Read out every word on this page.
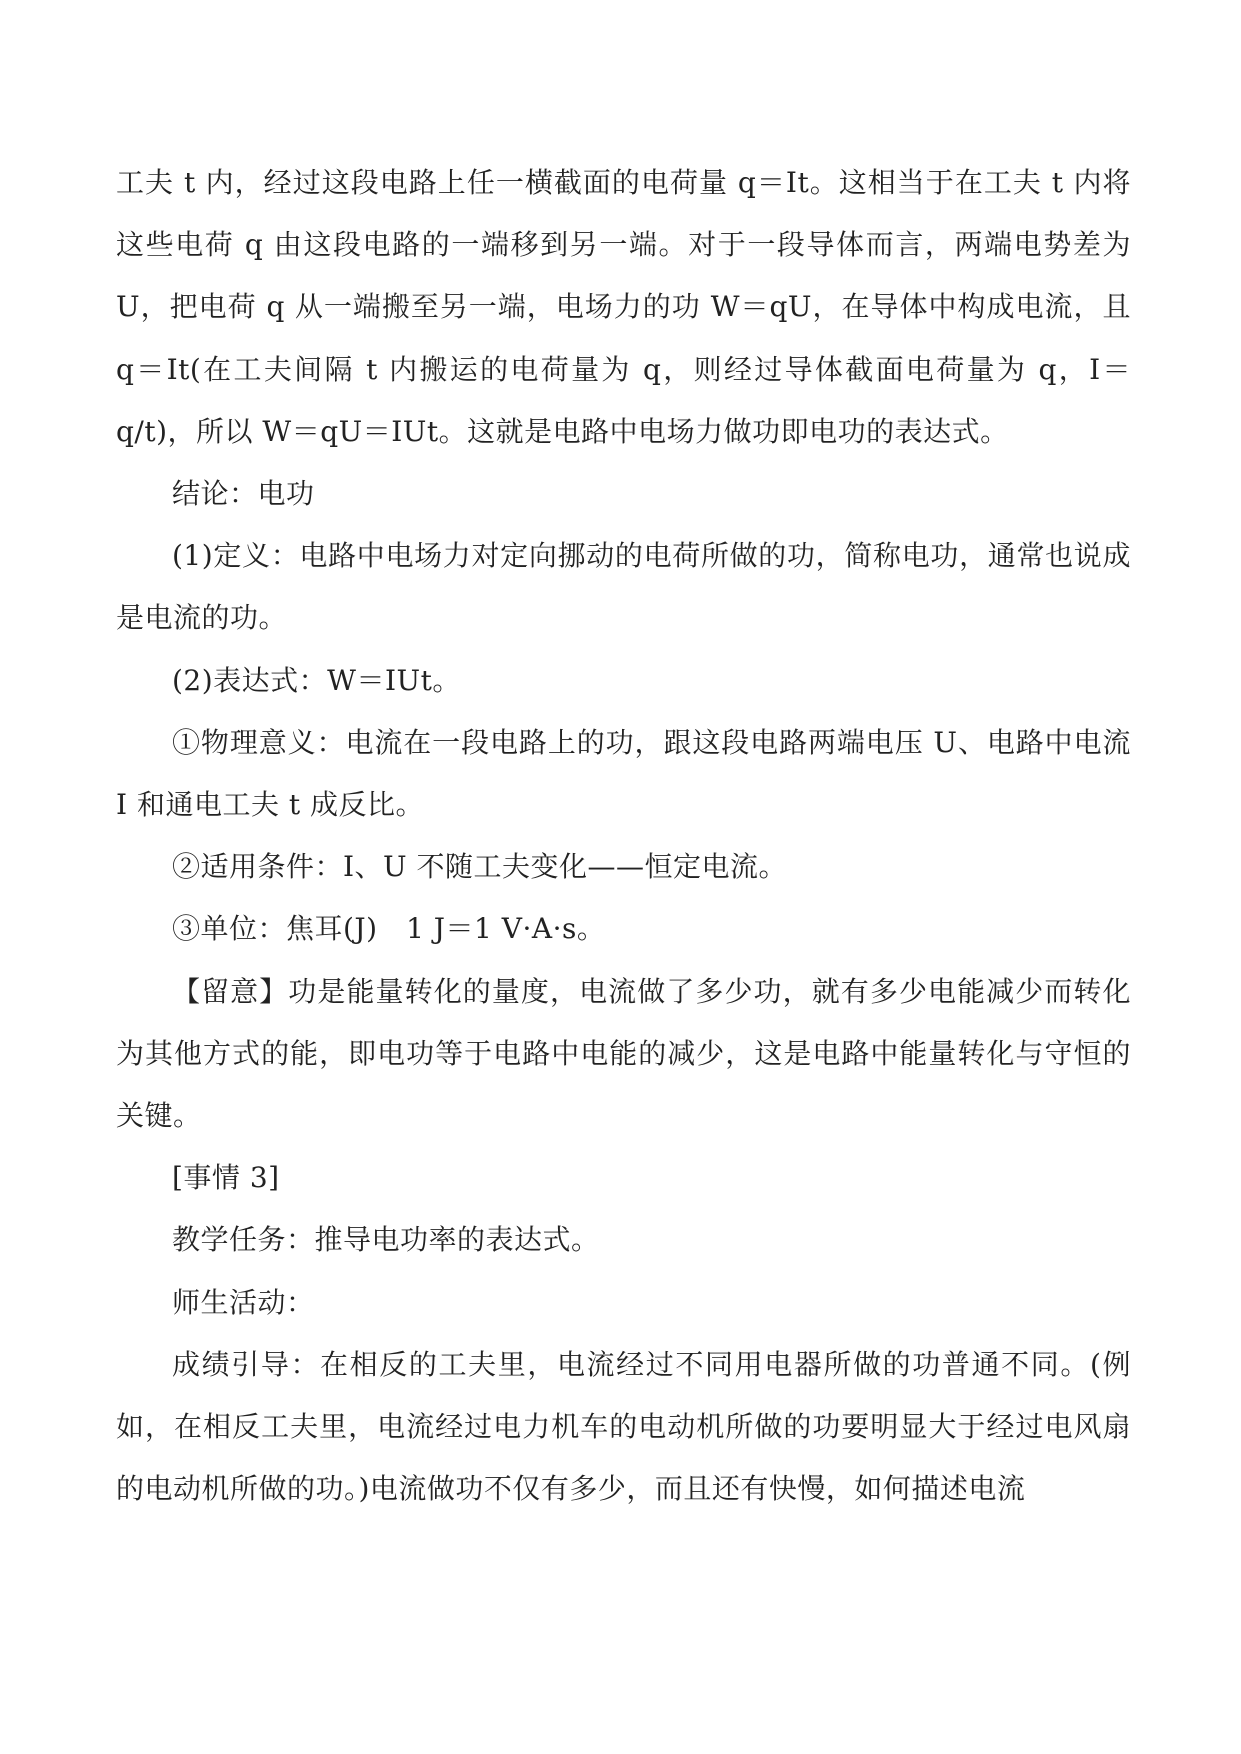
工夫 t 内，经过这段电路上任一横截面的电荷量 q＝It。这相当于在工夫 t 内将这些电荷 q 由这段电路的一端移到另一端。对于一段导体而言，两端电势差为 U，把电荷 q 从一端搬至另一端，电场力的功 W＝qU，在导体中构成电流，且 q＝It(在工夫间隔 t 内搬运的电荷量为 q，则经过导体截面电荷量为 q，I＝q/t)，所以 W＝qU＝IUt。这就是电路中电场力做功即电功的表达式。

结论：电功

(1)定义：电路中电场力对定向挪动的电荷所做的功，简称电功，通常也说成是电流的功。

(2)表达式：W＝IUt。

①物理意义：电流在一段电路上的功，跟这段电路两端电压 U、电路中电流 I 和通电工夫 t 成反比。

②适用条件：I、U 不随工夫变化——恒定电流。

③单位：焦耳(J)　1 J＝1 V·A·s。

【留意】功是能量转化的量度，电流做了多少功，就有多少电能减少而转化为其他方式的能，即电功等于电路中电能的减少，这是电路中能量转化与守恒的关键。

[事情 3]

教学任务：推导电功率的表达式。

师生活动：

成绩引导：在相反的工夫里，电流经过不同用电器所做的功普通不同。(例如，在相反工夫里，电流经过电力机车的电动机所做的功要明显大于经过电风扇的电动机所做的功。)电流做功不仅有多少，而且还有快慢，如何描述电流
